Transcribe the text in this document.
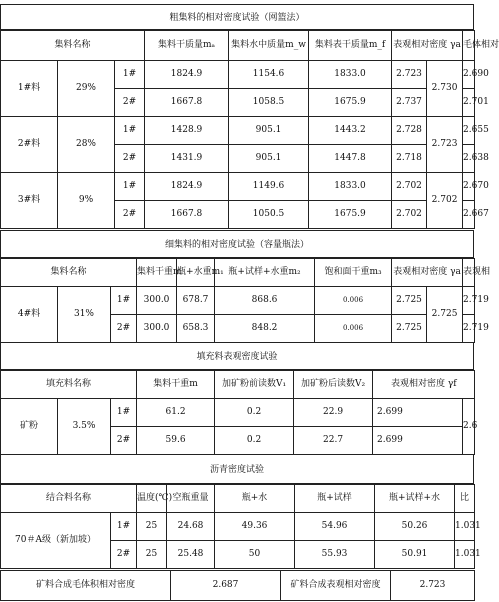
粗集料的相对密度试验（网篮法）
集料名称			集料干质量mₐ	集料水中质量m_w	集料表干质量m_f	表观相对密度 γa		毛体相对
1#料	29%	1#	1824.9	1154.6	1833.0	2.723	2.730	2.690
		2#	1667.8	1058.5	1675.9	2.737		2.701
2#料	28%	1#	1428.9	905.1	1443.2	2.728	2.723	2.655
		2#	1431.9	905.1	1447.8	2.718		2.638
3#料	9%	1#	1824.9	1149.6	1833.0	2.702	2.702	2.670
		2#	1667.8	1050.5	1675.9	2.702		2.667
细集料的相对密度试验（容量瓶法）
集料名称			集料干重m	瓶+水重m₁	瓶+试样+水重m₂	饱和面干重m₃	表观相对密度 γa		表观相
4#料	31%	1#	300.0	678.7	868.6	0.006	2.725	2.725	2.719
		2#	300.0	658.3	848.2	0.006	2.725		2.719
填充料表观密度试验
填充料名称			集料干重m	加矿粉前读数V₁	加矿粉后读数V₂	表观相对密度 γf	
矿粉	3.5%	1#	61.2	0.2	22.9	2.699	2.6
		2#	59.6	0.2	22.7	2.699	
沥青密度试验
结合料名称		温度(℃)	空瓶重量	瓶+水	瓶+试样	瓶+试样+水	比
70＃A级（新加坡）	1#	25	24.68	49.36	54.96	50.26	1.031
	2#	25	25.48	50	55.93	50.91	1.031
矿料合成毛体积相对密度	2.687	矿料合成表观相对密度	2.723
